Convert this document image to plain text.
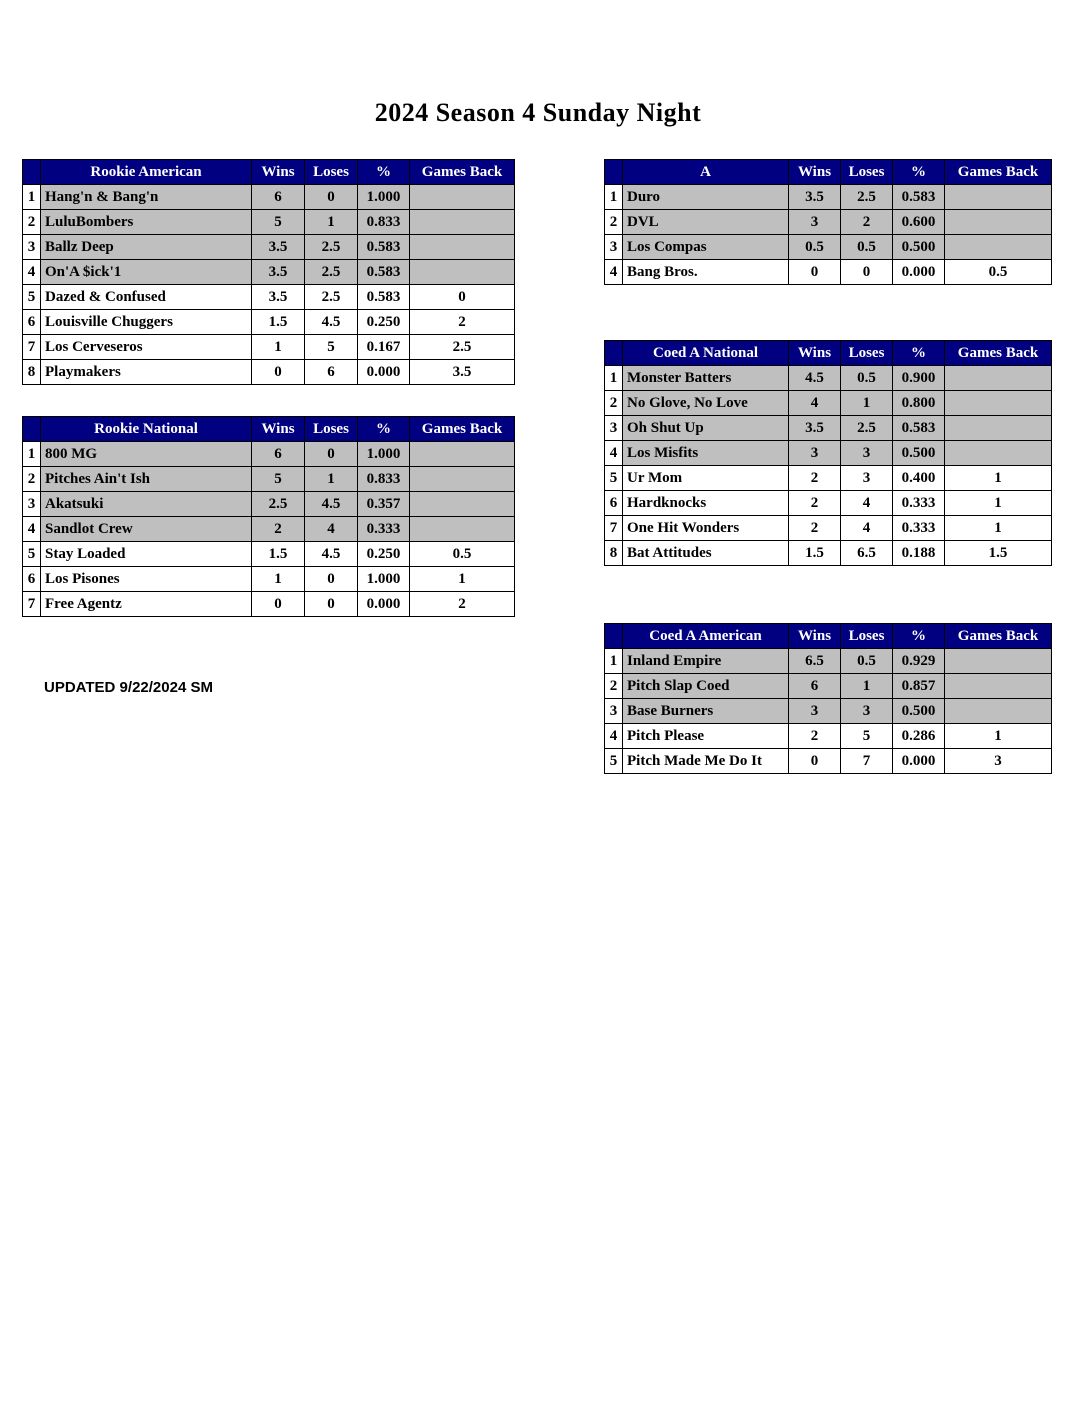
2024 Season 4 Sunday Night
	Rookie American	Wins	Loses	%	Games Back
1	Hang'n & Bang'n	6	0	1.000	
2	LuluBombers	5	1	0.833	
3	Ballz Deep	3.5	2.5	0.583	
4	On'A $ick'1	3.5	2.5	0.583	
5	Dazed & Confused	3.5	2.5	0.583	0
6	Louisville Chuggers	1.5	4.5	0.250	2
7	Los Cerveseros	1	5	0.167	2.5
8	Playmakers	0	6	0.000	3.5
	Rookie National	Wins	Loses	%	Games Back
1	800 MG	6	0	1.000	
2	Pitches Ain't Ish	5	1	0.833	
3	Akatsuki	2.5	4.5	0.357	
4	Sandlot Crew	2	4	0.333	
5	Stay Loaded	1.5	4.5	0.250	0.5
6	Los Pisones	1	0	1.000	1
7	Free Agentz	0	0	0.000	2
	A	Wins	Loses	%	Games Back
1	Duro	3.5	2.5	0.583	
2	DVL	3	2	0.600	
3	Los Compas	0.5	0.5	0.500	
4	Bang Bros.	0	0	0.000	0.5
	Coed A National	Wins	Loses	%	Games Back
1	Monster Batters	4.5	0.5	0.900	
2	No Glove, No Love	4	1	0.800	
3	Oh Shut Up	3.5	2.5	0.583	
4	Los Misfits	3	3	0.500	
5	Ur Mom	2	3	0.400	1
6	Hardknocks	2	4	0.333	1
7	One Hit Wonders	2	4	0.333	1
8	Bat Attitudes	1.5	6.5	0.188	1.5
	Coed A American	Wins	Loses	%	Games Back
1	Inland Empire	6.5	0.5	0.929	
2	Pitch Slap Coed	6	1	0.857	
3	Base Burners	3	3	0.500	
4	Pitch Please	2	5	0.286	1
5	Pitch Made Me Do It	0	7	0.000	3
UPDATED 9/22/2024 SM
